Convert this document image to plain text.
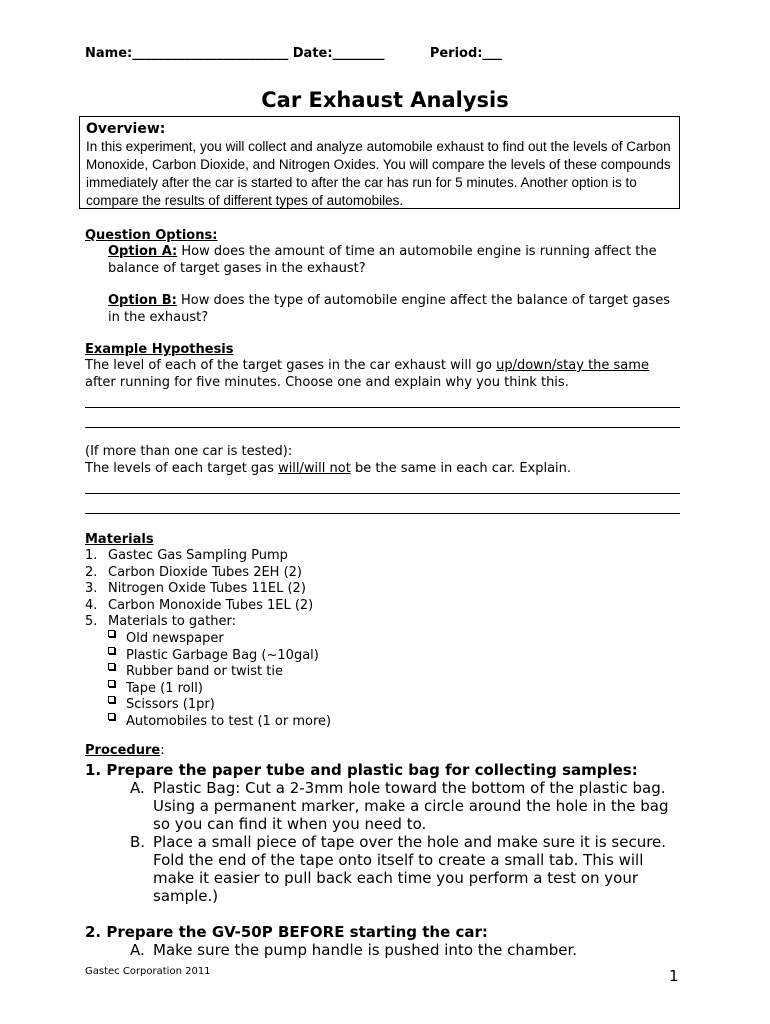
Name:________________________ Date:________	Period:___
Car Exhaust Analysis
Overview:
In this experiment, you will collect and analyze automobile exhaust to find out the levels of Carbon Monoxide, Carbon Dioxide, and Nitrogen Oxides. You will compare the levels of these compounds immediately after the car is started to after the car has run for 5 minutes. Another option is to compare the results of different types of automobiles.
Question Options:
Option A: How does the amount of time an automobile engine is running affect the balance of target gases in the exhaust?
Option B: How does the type of automobile engine affect the balance of target gases in the exhaust?
Example Hypothesis
The level of each of the target gases in the car exhaust will go up/down/stay the same after running for five minutes. Choose one and explain why you think this.
(If more than one car is tested):
The levels of each target gas will/will not be the same in each car. Explain.
Materials
1. Gastec Gas Sampling Pump
2. Carbon Dioxide Tubes 2EH (2)
3. Nitrogen Oxide Tubes 11EL (2)
4. Carbon Monoxide Tubes 1EL (2)
5. Materials to gather:
Old newspaper
Plastic Garbage Bag (~10gal)
Rubber band or twist tie
Tape (1 roll)
Scissors (1pr)
Automobiles to test (1 or more)
Procedure:
1. Prepare the paper tube and plastic bag for collecting samples:
A. Plastic Bag: Cut a 2-3mm hole toward the bottom of the plastic bag. Using a permanent marker, make a circle around the hole in the bag so you can find it when you need to.
B. Place a small piece of tape over the hole and make sure it is secure. Fold the end of the tape onto itself to create a small tab. This will make it easier to pull back each time you perform a test on your sample.)
2. Prepare the GV-50P BEFORE starting the car:
A. Make sure the pump handle is pushed into the chamber.
Gastec Corporation 2011	1
